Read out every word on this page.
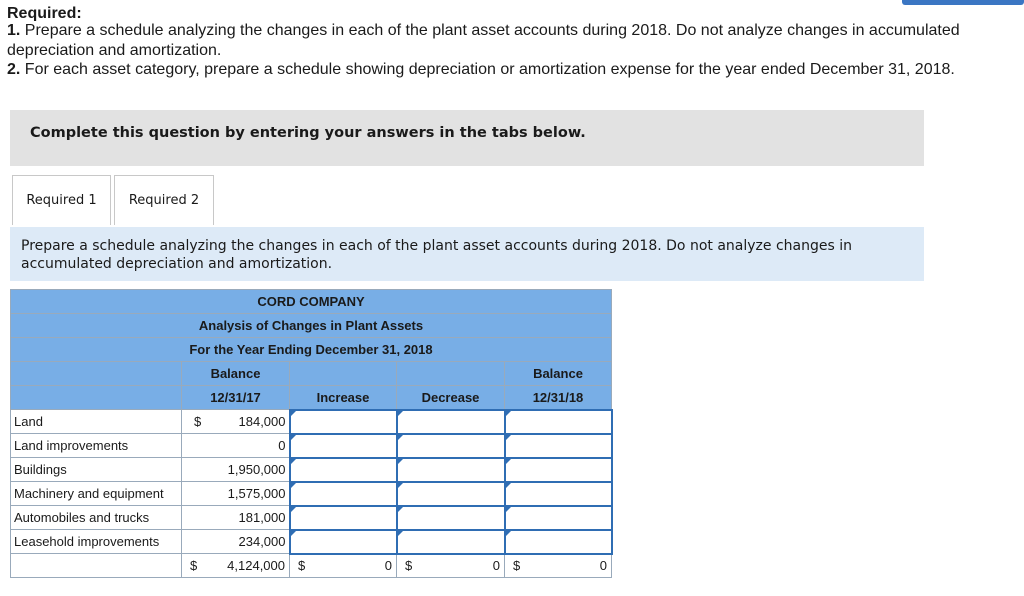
Required:
1. Prepare a schedule analyzing the changes in each of the plant asset accounts during 2018. Do not analyze changes in accumulated depreciation and amortization.
2. For each asset category, prepare a schedule showing depreciation or amortization expense for the year ended December 31, 2018.
Complete this question by entering your answers in the tabs below.
Required 1	Required 2
Prepare a schedule analyzing the changes in each of the plant asset accounts during 2018. Do not analyze changes in accumulated depreciation and amortization.
CORD COMPANY				
Analysis of Changes in Plant Assets				
For the Year Ending December 31, 2018				
	Balance			Balance
	12/31/17	Increase	Decrease	12/31/18
Land	$ 184,000			
Land improvements	0			
Buildings	1,950,000			
Machinery and equipment	1,575,000			
Automobiles and trucks	181,000			
Leasehold improvements	234,000			

	$ 4,124,000	$ 0	$ 0	$ 0
